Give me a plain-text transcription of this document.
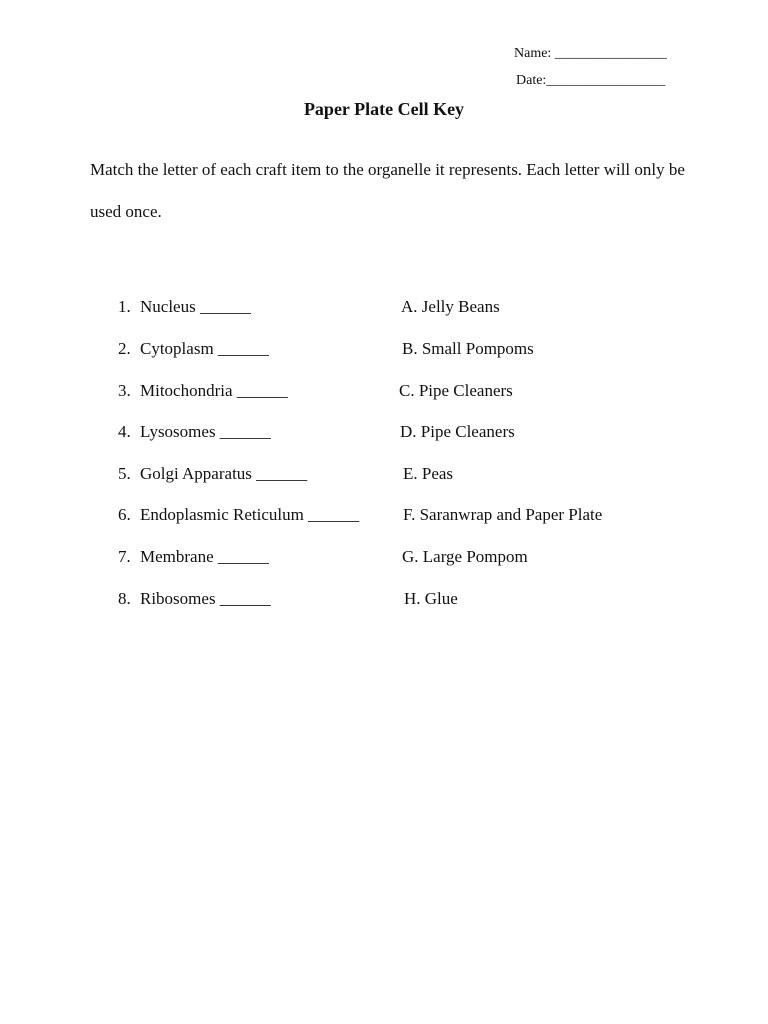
Name: ________________
Date:_________________
Paper Plate Cell Key
Match the letter of each craft item to the organelle it represents. Each letter will only be used once.
1. Nucleus ______
2. Cytoplasm ______
3. Mitochondria ______
4. Lysosomes ______
5. Golgi Apparatus ______
6. Endoplasmic Reticulum ______
7. Membrane ______
8. Ribosomes ______
A. Jelly Beans
B. Small Pompoms
C. Pipe Cleaners
D. Pipe Cleaners
E. Peas
F. Saranwrap and Paper Plate
G. Large Pompom
H. Glue
